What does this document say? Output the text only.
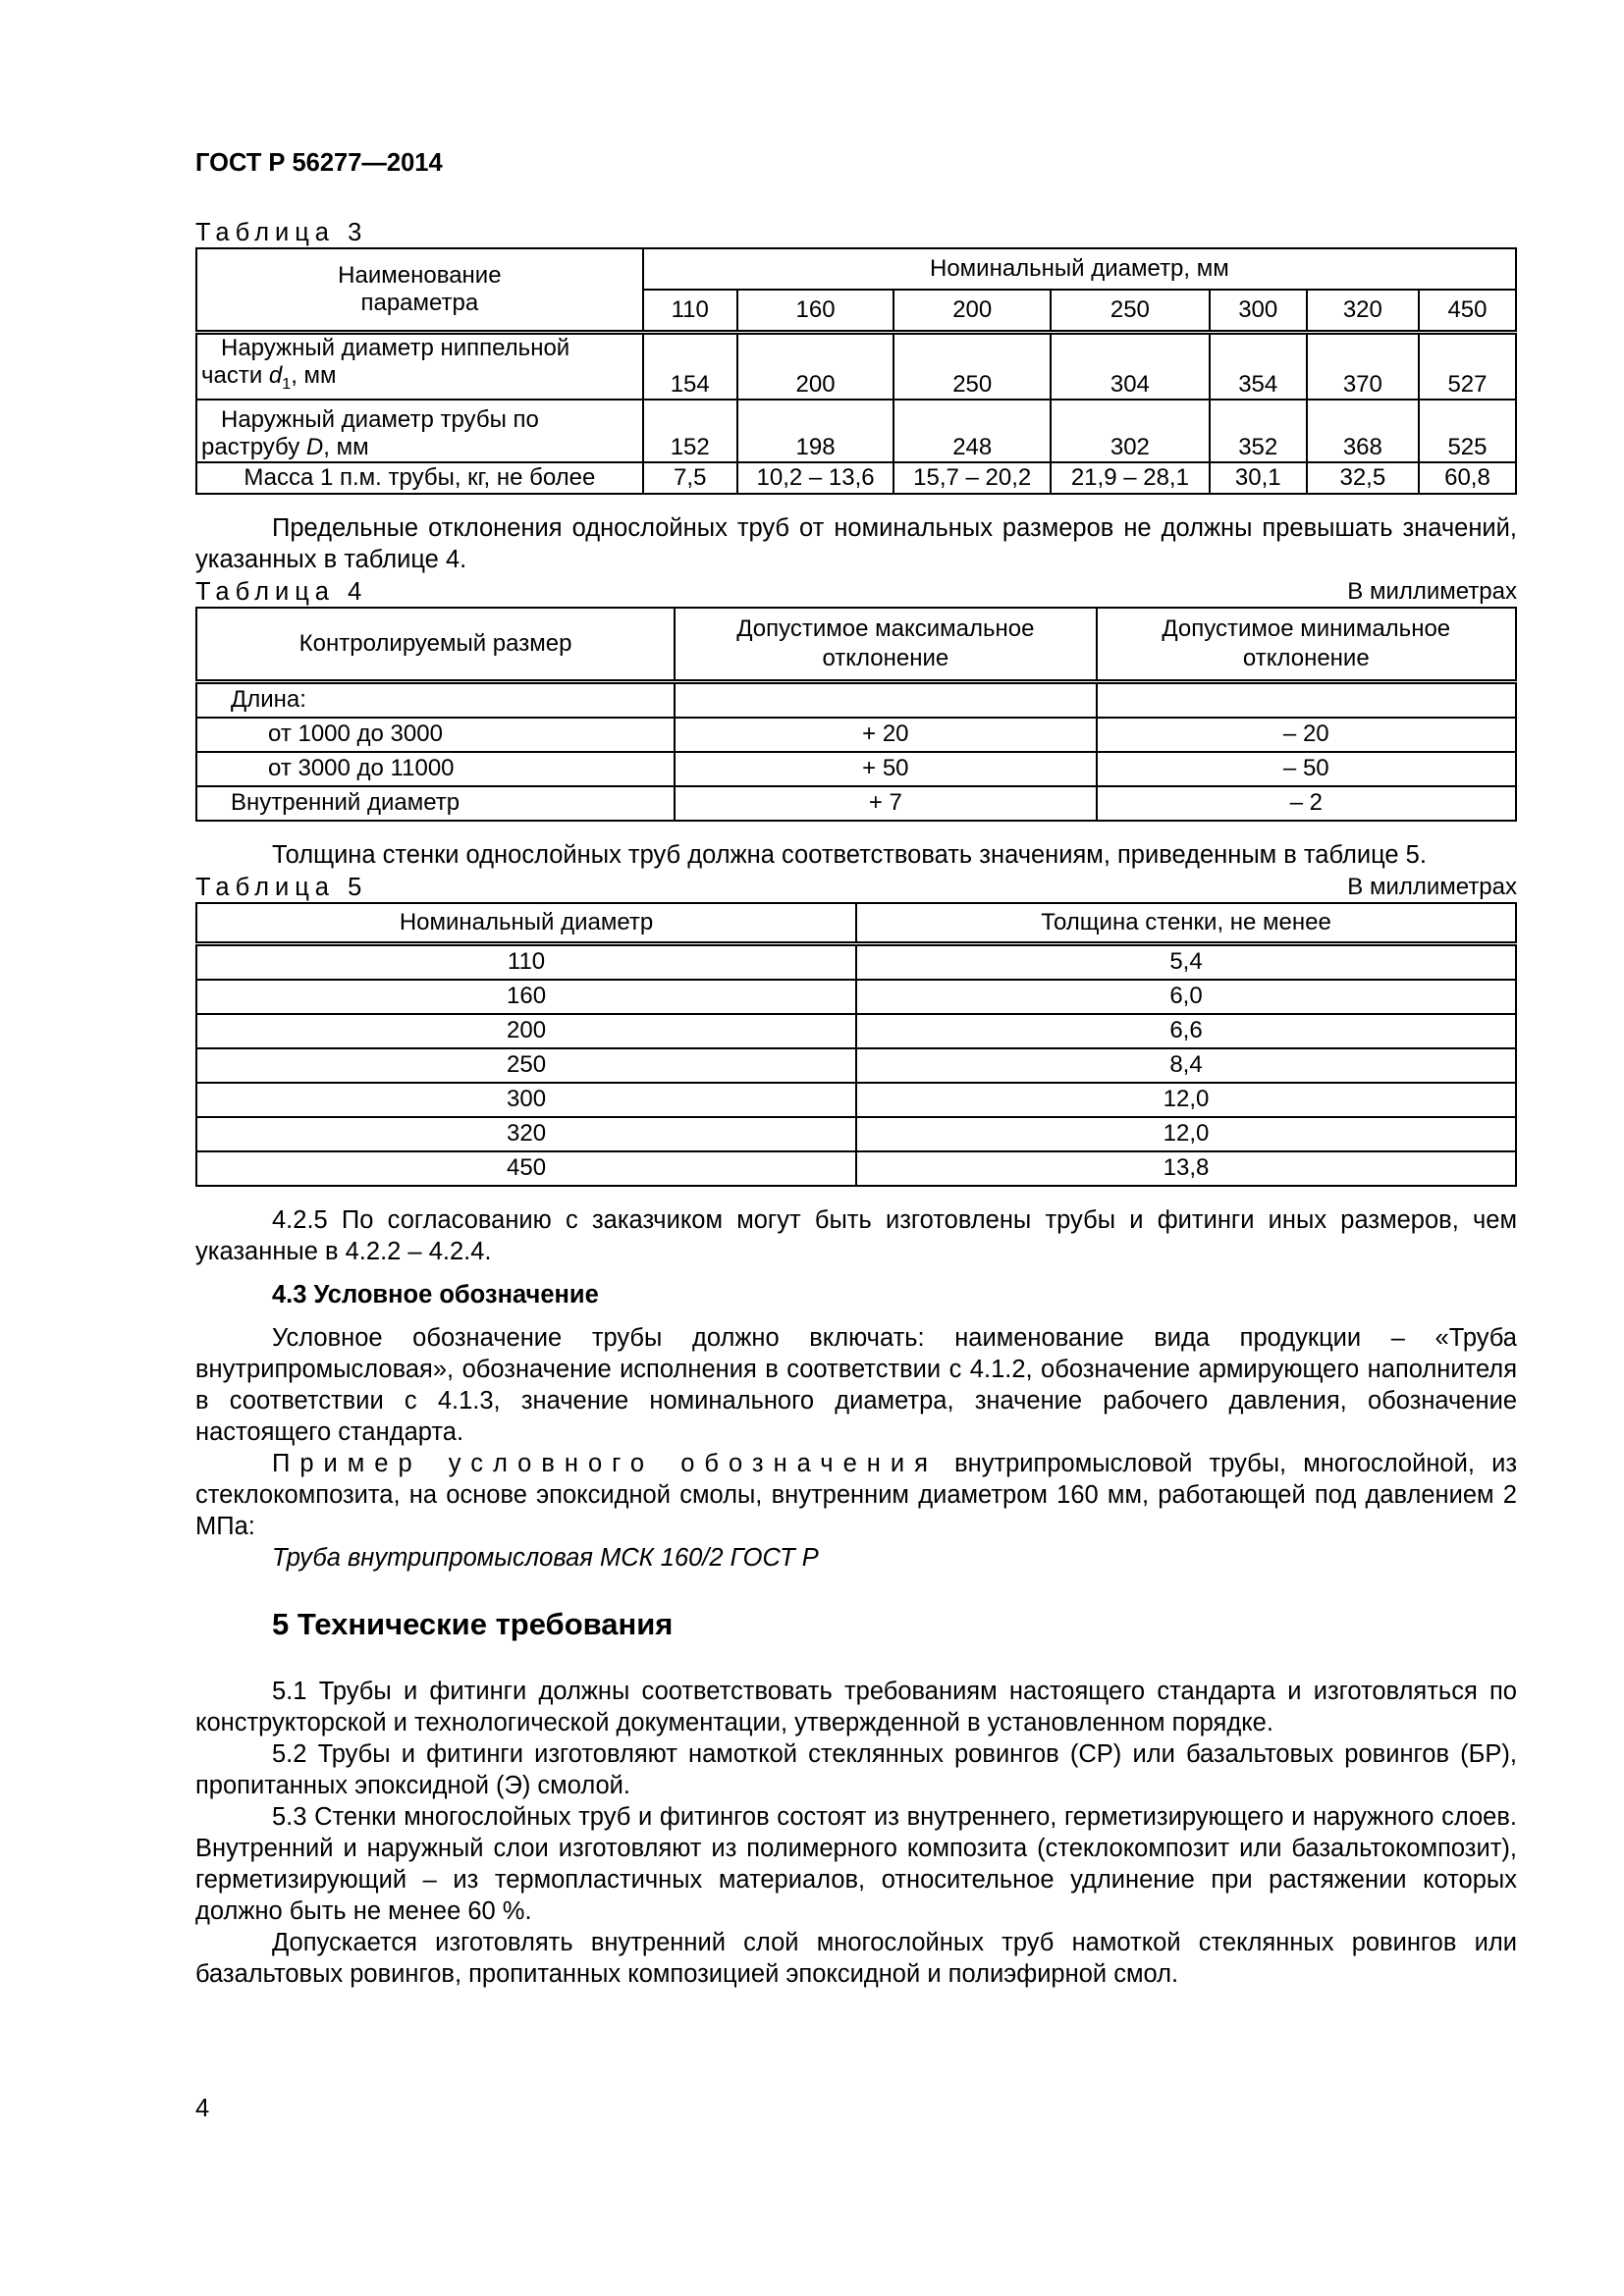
ГОСТ Р 56277—2014
Таблица 3
Наименование параметра	Номинальный диаметр, мм						
	110	160	200	250	300	320	450

Наружный диаметр ниппельной
части $d_1$, мм	154	200	250	304	354	370	527

Наружный диаметр трубы по
раструбу D, мм	152	198	248	302	352	368	525
Масса 1 п.м. трубы, кг, не более	7,5	10,2 – 13,6	15,7 – 20,2	21,9 – 28,1	30,1	32,5	60,8

Предельные отклонения однослойных труб от номинальных размеров не должны превышать значений, указанных в таблице 4.

Таблица 4	В миллиметрах
Контролируемый размер	Допустимое максимальное отклонение	Допустимое минимальное отклонение
Длина:		
от 1000 до 3000	+ 20	– 20
от 3000 до 11000	+ 50	– 50
Внутренний диаметр	+ 7	– 2

Толщина стенки однослойных труб должна соответствовать значениям, приведенным в таблице 5.

Таблица 5	В миллиметрах
Номинальный диаметр	Толщина стенки, не менее
110	5,4
160	6,0
200	6,6
250	8,4
300	12,0
320	12,0
450	13,8

4.2.5 По согласованию с заказчиком могут быть изготовлены трубы и фитинги иных размеров, чем указанные в 4.2.2 – 4.2.4.

4.3 Условное обозначение

Условное обозначение трубы должно включать: наименование вида продукции – «Труба внутрипромысловая», обозначение исполнения в соответствии с 4.1.2, обозначение армирующего наполнителя в соответствии с 4.1.3, значение номинального диаметра, значение рабочего давления, обозначение настоящего стандарта.

Пример условного обозначения внутрипромысловой трубы, многослойной, из стеклокомпозита, на основе эпоксидной смолы, внутренним диаметром 160 мм, работающей под давлением 2 МПа:

Труба внутрипромысловая МСК 160/2 ГОСТ Р

5 Технические требования

5.1 Трубы и фитинги должны соответствовать требованиям настоящего стандарта и изготовляться по конструкторской и технологической документации, утвержденной в установленном порядке.

5.2 Трубы и фитинги изготовляют намоткой стеклянных ровингов (СР) или базальтовых ровингов (БР), пропитанных эпоксидной (Э) смолой.

5.3 Стенки многослойных труб и фитингов состоят из внутреннего, герметизирующего и наружного слоев. Внутренний и наружный слои изготовляют из полимерного композита (стеклокомпозит или базальтокомпозит), герметизирующий – из термопластичных материалов, относительное удлинение при растяжении которых должно быть не менее 60 %.

Допускается изготовлять внутренний слой многослойных труб намоткой стеклянных ровингов или базальтовых ровингов, пропитанных композицией эпоксидной и полиэфирной смол.

4
